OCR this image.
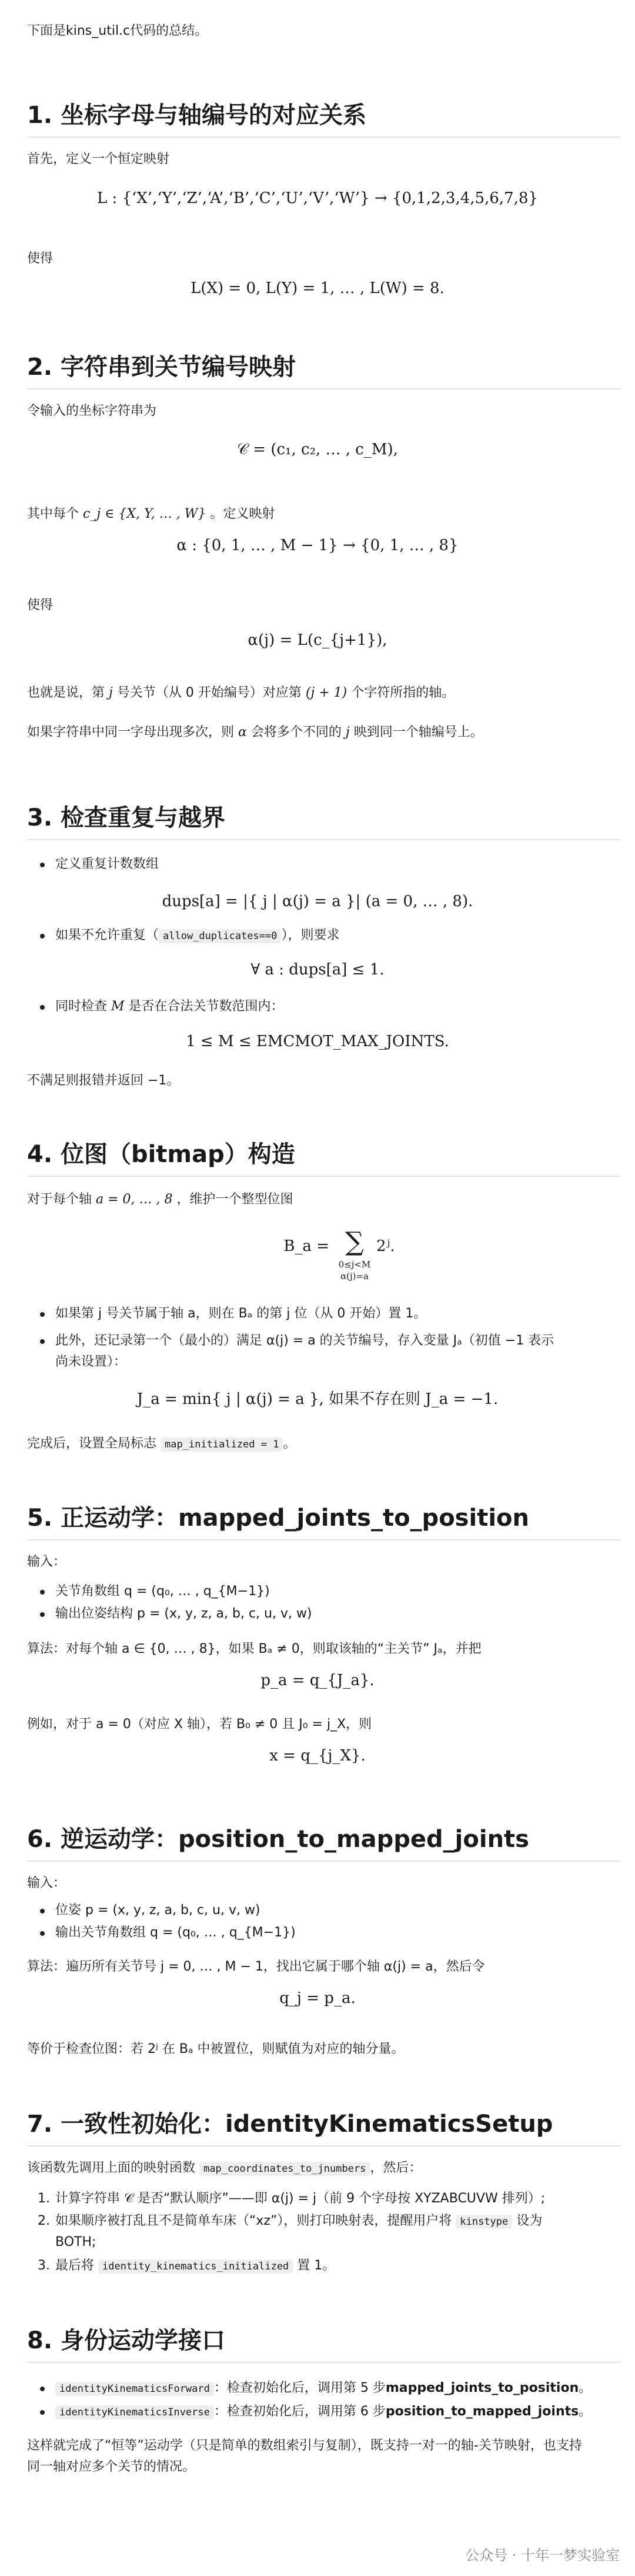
下面是kins_util.c代码的总结。
1. 坐标字母与轴编号的对应关系
首先，定义一个恒定映射
L : {‘X’,‘Y’,‘Z’,‘A’,‘B’,‘C’,‘U’,‘V’,‘W’} → {0,1,2,3,4,5,6,7,8}
使得
L(X) = 0, L(Y) = 1, … , L(W) = 8.
2. 字符串到关节编号映射
令输入的坐标字符串为
𝒞 = (c₁, c₂, … , c_M),
其中每个 c_j ∈ {X, Y, … , W} 。定义映射
α : {0, 1, … , M − 1} → {0, 1, … , 8}
使得
α(j) = L(c_{j+1}),
也就是说，第 j 号关节（从 0 开始编号）对应第 (j + 1) 个字符所指的轴。
如果字符串中同一字母出现多次，则 α 会将多个不同的 j 映到同一个轴编号上。
3. 检查重复与越界
定义重复计数数组
dups[a] = |{ j | α(j) = a }| (a = 0, … , 8).
如果不允许重复（ allow_duplicates==0 ），则要求
∀ a : dups[a] ≤ 1.
同时检查 M 是否在合法关节数范围内：
1 ≤ M ≤ EMCMOT_MAX_JOINTS.
不满足则报错并返回 −1。
4. 位图（bitmap）构造
对于每个轴 a = 0, … , 8 ，维护一个整型位图
B_a = ∑
0≤j<M
α(j)=a
2ʲ.
如果第 j 号关节属于轴 a，则在 Bₐ 的第 j 位（从 0 开始）置 1。
此外，还记录第一个（最小的）满足 α(j) = a 的关节编号，存入变量 Jₐ（初值 −1 表示
尚未设置）：
J_a = min{ j | α(j) = a }, 如果不存在则 J_a = −1.
完成后，设置全局标志 map_initialized = 1 。
5. 正运动学：mapped_joints_to_position
输入：
关节角数组 q = (q₀, … , q_{M−1})
输出位姿结构 p = (x, y, z, a, b, c, u, v, w)
算法：对每个轴 a ∈ {0, … , 8}，如果 Bₐ ≠ 0，则取该轴的“主关节” Jₐ，并把
p_a = q_{J_a}.
例如，对于 a = 0（对应 X 轴），若 B₀ ≠ 0 且 J₀ = j_X，则
x = q_{j_X}.
6. 逆运动学：position_to_mapped_joints
输入：
位姿 p = (x, y, z, a, b, c, u, v, w)
输出关节角数组 q = (q₀, … , q_{M−1})
算法：遍历所有关节号 j = 0, … , M − 1，找出它属于哪个轴 α(j) = a，然后令
q_j = p_a.
等价于检查位图：若 2ʲ 在 Bₐ 中被置位，则赋值为对应的轴分量。
7. 一致性初始化：identityKinematicsSetup
该函数先调用上面的映射函数 map_coordinates_to_jnumbers ，然后：
1. 计算字符串 𝒞 是否“默认顺序”——即 α(j) = j（前 9 个字母按 XYZABCUVW 排列）;
2. 如果顺序被打乱且不是简单车床（“xz”），则打印映射表，提醒用户将 kinstype 设为
BOTH;
3. 最后将 identity_kinematics_initialized 置 1。
8. 身份运动学接口
identityKinematicsForward ：检查初始化后，调用第 5 步mapped_joints_to_position。
identityKinematicsInverse ：检查初始化后，调用第 6 步position_to_mapped_joints。
这样就完成了“恒等”运动学（只是简单的数组索引与复制），既支持一对一的轴-关节映射，也支持
同一轴对应多个关节的情况。
公众号 · 十年一梦实验室
